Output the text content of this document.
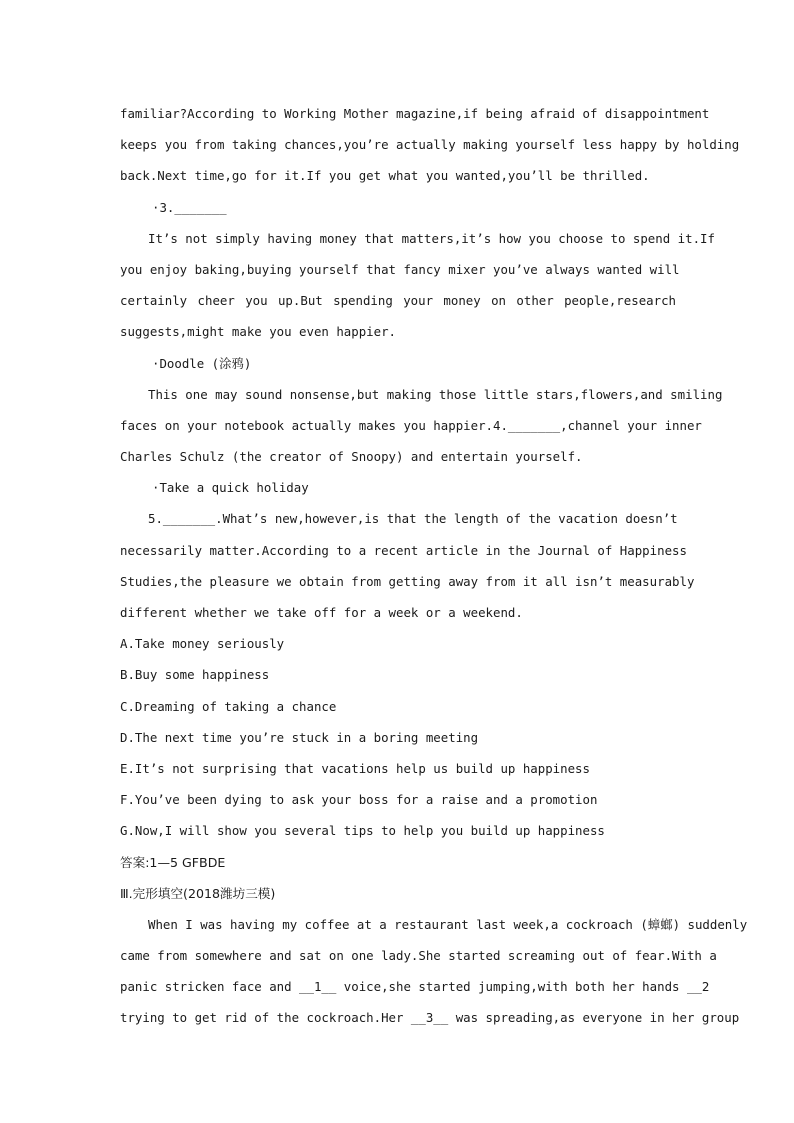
familiar?According to Working Mother magazine,if being afraid of disappointment
keeps you from taking chances,you’re actually making yourself less happy by holding
back.Next time,go for it.If you get what you wanted,you’ll be thrilled.
·3._______
It’s not simply having money that matters,it’s how you choose to spend it.If
you enjoy baking,buying yourself that fancy mixer you’ve always wanted will
certainly cheer you up.But spending your money on other people,research
suggests,might make you even happier.
·Doodle (涂鸦)
This one may sound nonsense,but making those little stars,flowers,and smiling
faces on your notebook actually makes you happier.4._______,channel your inner
Charles Schulz (the creator of Snoopy) and entertain yourself.
·Take a quick holiday
5._______.What’s new,however,is that the length of the vacation doesn’t
necessarily matter.According to a recent article in the Journal of Happiness
Studies,the pleasure we obtain from getting away from it all isn’t measurably
different whether we take off for a week or a weekend.
A.Take money seriously
B.Buy some happiness
C.Dreaming of taking a chance
D.The next time you’re stuck in a boring meeting
E.It’s not surprising that vacations help us build up happiness
F.You’ve been dying to ask your boss for a raise and a promotion
G.Now,I will show you several tips to help you build up happiness
答案:1—5 GFBDE
Ⅲ.完形填空(2018潍坊三模)
When I was having my coffee at a restaurant last week,a cockroach (蟑螂) suddenly
came from somewhere and sat on one lady.She started screaming out of fear.With a
panic stricken face and __1__ voice,she started jumping,with both her hands __2
trying to get rid of the cockroach.Her __3__ was spreading,as everyone in her group
